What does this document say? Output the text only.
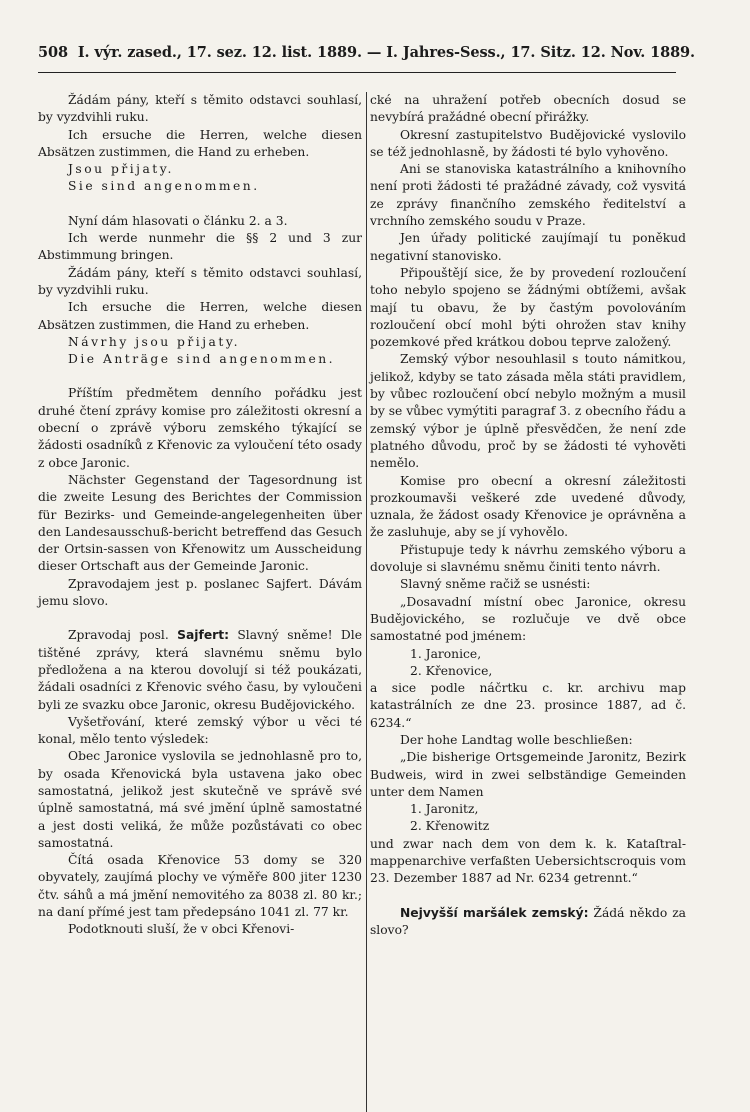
508 I. výr. zased., 17. sez. 12. list. 1889. — I. Jahres-Sess., 17. Sitz. 12. Nov. 1889.

Žádám pány, kteří s těmito odstavci souhlasí, by vyzdvihli ruku.

Ich ersuche die Herren, welche diesen Absätzen zustimmen, die Hand zu erheben.

Jsou přijaty.

Sie sind angenommen.

Nyní dám hlasovati o článku 2. a 3.

Ich werde nunmehr die §§ 2 und 3 zur Abstimmung bringen.

Žádám pány, kteří s těmito odstavci souhlasí, by vyzdvihli ruku.

Ich ersuche die Herren, welche diesen Absätzen zustimmen, die Hand zu erheben.

Návrhy jsou přijaty.

Die Anträge sind angenommen.

Příštím předmětem denního pořádku jest druhé čtení zprávy komise pro záležitosti okresní a obecní o zprávě výboru zemského týkající se žádosti osadníků z Křenovic za vyloučení této osady z obce Jaronic.

Nächster Gegenstand der Tagesordnung ist die zweite Lesung des Berichtes der Commission für Bezirks- und Gemeinde-angelegenheiten über den Landesausschuß-bericht betreffend das Gesuch der Ortsin-sassen von Křenowitz um Ausscheidung dieser Ortschaft aus der Gemeinde Jaronic.

Zpravodajem jest p. poslanec Sajfert. Dávám jemu slovo.

Zpravodaj posl. Sajfert: Slavný sněme! Dle tištěné zprávy, která slavnému sněmu bylo předložena a na kterou dovolují si též poukázati, žádali osadníci z Křenovic svého času, by vyloučeni byli ze svazku obce Jaronic, okresu Budějovického.

Vyšetřování, které zemský výbor u věci té konal, mělo tento výsledek:

Obec Jaronice vyslovila se jednohlasně pro to, by osada Křenovická byla ustavena jako obec samostatná, jelikož jest skutečně ve správě své úplně samostatná, má své jmění úplně samostatné a jest dosti veliká, že může pozůstávati co obec samostatná.

Čítá osada Křenovice 53 domy se 320 obyvately, zaujímá plochy ve výměře 800 jiter 1230 čtv. sáhů a má jmění nemovitého za 8038 zl. 80 kr.; na daní přímé jest tam předepsáno 1041 zl. 77 kr.

Podotknouti sluší, že v obci Křenovi-

cké na uhražení potřeb obecních dosud se nevybírá pražádné obecní přirážky.

Okresní zastupitelstvo Budějovické vyslovilo se též jednohlasně, by žádosti té bylo vyhověno.

Ani se stanoviska katastrálního a knihovního není proti žádosti té pražádné závady, což vysvitá ze zprávy finančního zemského ředitelství a vrchního zemského soudu v Praze.

Jen úřady politické zaujímají tu poněkud negativní stanovisko.

Připouštějí sice, že by provedení rozloučení toho nebylo spojeno se žádnými obtížemi, avšak mají tu obavu, že by častým povolováním rozloučení obcí mohl býti ohrožen stav knihy pozemkové před krátkou dobou teprve založený.

Zemský výbor nesouhlasil s touto námitkou, jelikož, kdyby se tato zásada měla státi pravidlem, by vůbec rozloučení obcí nebylo možným a musil by se vůbec vymýtiti paragraf 3. z obecního řádu a zemský výbor je úplně přesvědčen, že není zde platného důvodu, proč by se žádosti té vyhověti nemělo.

Komise pro obecní a okresní záležitosti prozkoumavši veškeré zde uvedené důvody, uznala, že žádost osady Křenovice je oprávněna a že zasluhuje, aby se jí vyhovělo.

Přistupuje tedy k návrhu zemského výboru a dovoluje si slavnému sněmu činiti tento návrh.

Slavný sněme račiž se usnésti:

„Dosavadní místní obec Jaronice, okresu Budějovického, se rozlučuje ve dvě obce samostatné pod jménem:

1. Jaronice,

2. Křenovice,

a sice podle náčrtku c. kr. archivu map katastrálních ze dne 23. prosince 1887, ad č. 6234.“

Der hohe Landtag wolle beschließen:

„Die bisherige Ortsgemeinde Jaronitz, Bezirk Budweis, wird in zwei selbständige Gemeinden unter dem Namen

1. Jaronitz,

2. Křenowitz

und zwar nach dem von dem k. k. Kataſtral-mappenarchive verfaßten Uebersichtscroquis vom 23. Dezember 1887 ad Nr. 6234 getrennt.“

Nejvyšší maršálek zemský: Žádá někdo za slovo?
